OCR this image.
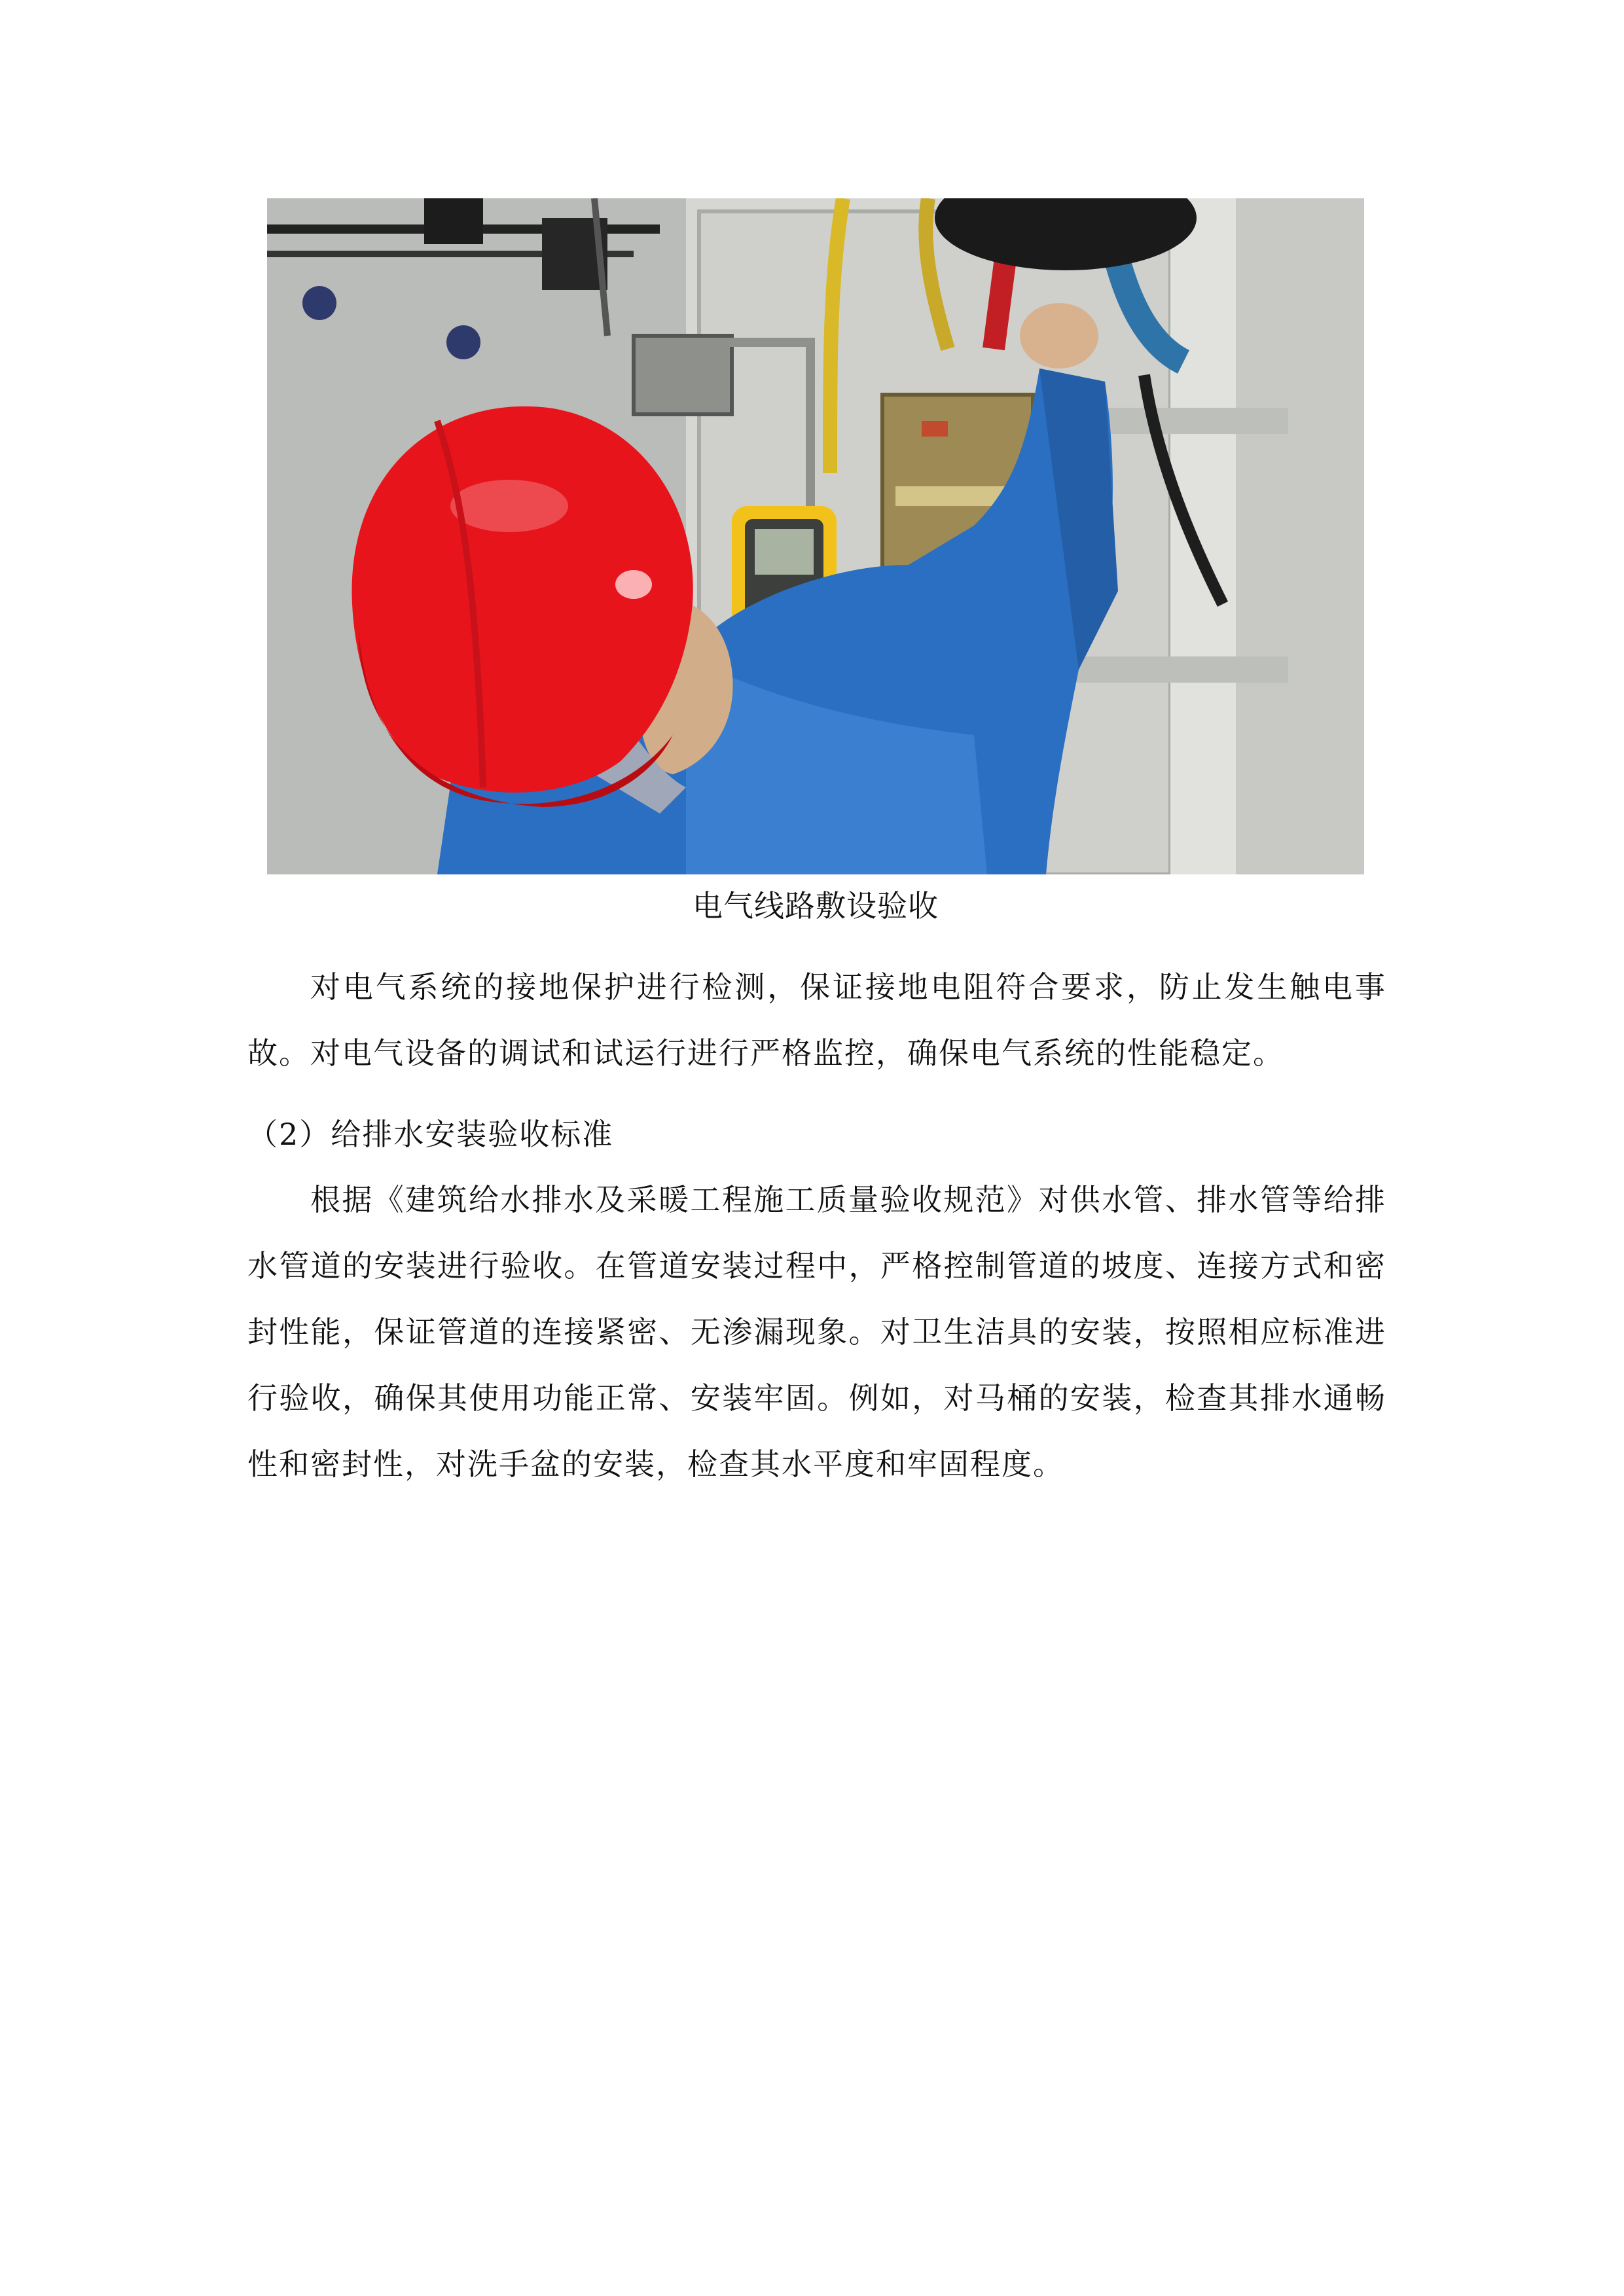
电气线路敷设验收

对电气系统的接地保护进行检测，保证接地电阻符合要求，防止发生触电事故。对电气设备的调试和试运行进行严格监控，确保电气系统的性能稳定。

（2）给排水安装验收标准

根据《建筑给水排水及采暖工程施工质量验收规范》对供水管、排水管等给排水管道的安装进行验收。在管道安装过程中，严格控制管道的坡度、连接方式和密封性能，保证管道的连接紧密、无渗漏现象。对卫生洁具的安装，按照相应标准进行验收，确保其使用功能正常、安装牢固。例如，对马桶的安装，检查其排水通畅性和密封性，对洗手盆的安装，检查其水平度和牢固程度。
